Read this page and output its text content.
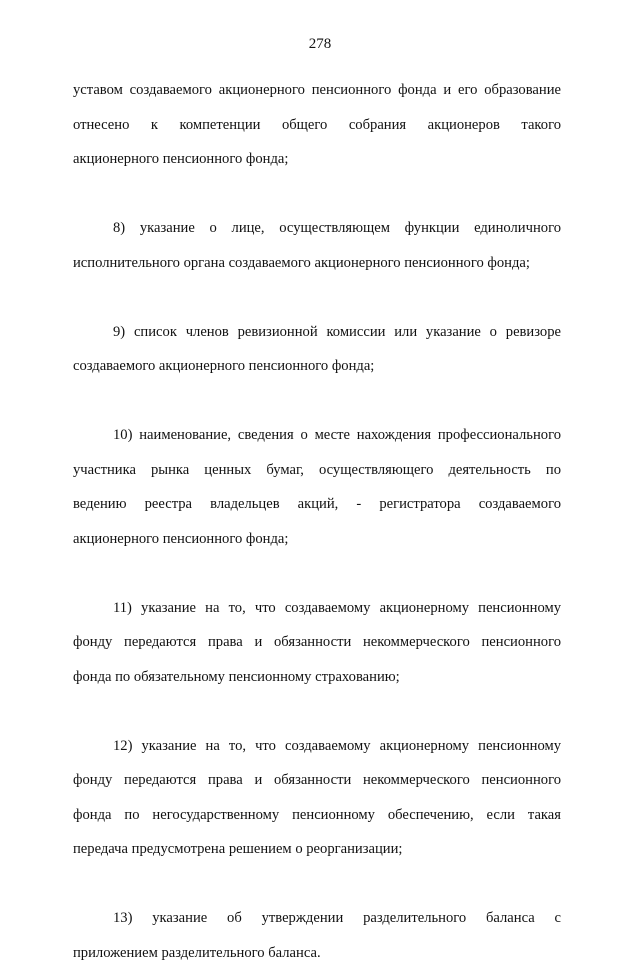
278
уставом создаваемого акционерного пенсионного фонда и его образование
отнесено к компетенции общего собрания акционеров такого
акционерного пенсионного фонда;
8) указание о лице, осуществляющем функции единоличного
исполнительного органа создаваемого акционерного пенсионного фонда;
9) список членов ревизионной комиссии или указание о ревизоре
создаваемого акционерного пенсионного фонда;
10) наименование, сведения о месте нахождения профессионального
участника рынка ценных бумаг, осуществляющего деятельность по
ведению реестра владельцев акций, - регистратора создаваемого
акционерного пенсионного фонда;
11) указание на то, что создаваемому акционерному пенсионному
фонду передаются права и обязанности некоммерческого пенсионного
фонда по обязательному пенсионному страхованию;
12) указание на то, что создаваемому акционерному пенсионному
фонду передаются права и обязанности некоммерческого пенсионного
фонда по негосударственному пенсионному обеспечению, если такая
передача предусмотрена решением о реорганизации;
13) указание об утверждении разделительного баланса с
приложением разделительного баланса.
